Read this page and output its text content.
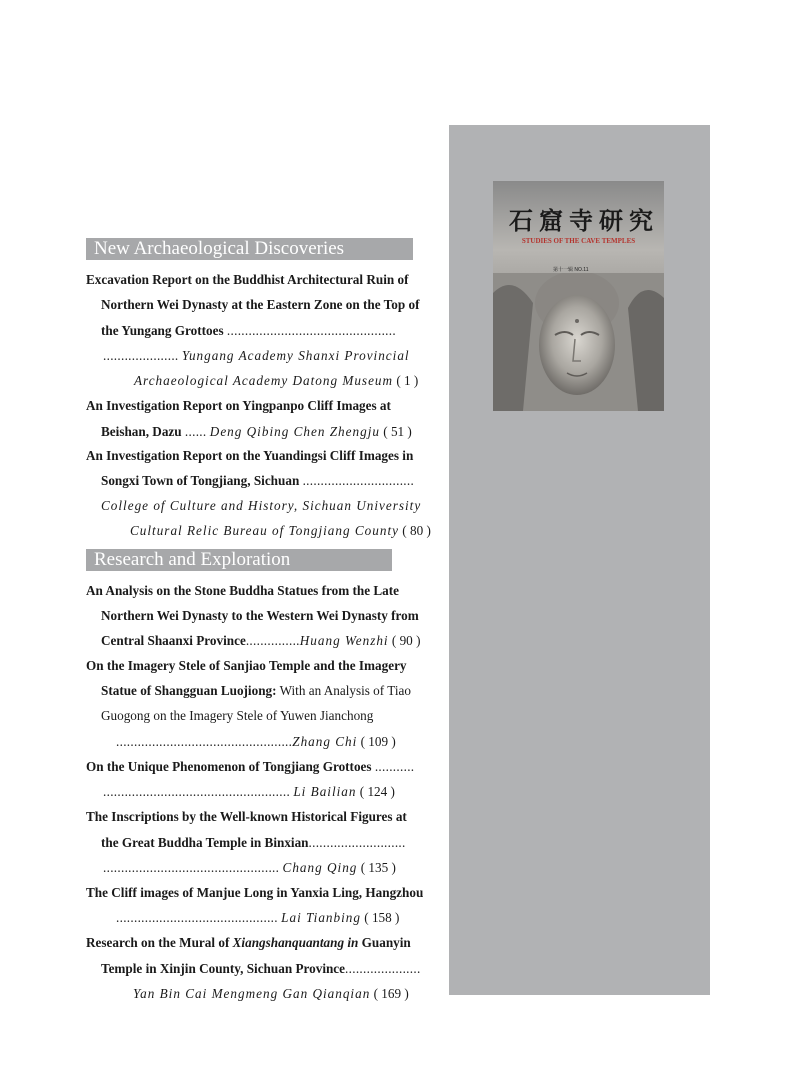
石窟寺研究
STUDIES OF THE CAVE TEMPLES
第十一辑 NO.11
New Archaeological Discoveries
Excavation Report on the Buddhist Architectural Ruin of
Northern Wei Dynasty at the Eastern Zone on the Top of
the Yungang Grottoes ...............................................
..................... Yungang Academy Shanxi Provincial
Archaeological Academy Datong Museum ( 1 )
An Investigation Report on Yingpanpo Cliff Images at
Beishan, Dazu ...... Deng Qibing Chen Zhengju ( 51 )
An Investigation Report on the Yuandingsi Cliff Images in
Songxi Town of Tongjiang, Sichuan ...............................
College of Culture and History, Sichuan University
Cultural Relic Bureau of Tongjiang County ( 80 )
Research and Exploration
An Analysis on the Stone Buddha Statues from the Late
Northern Wei Dynasty to the Western Wei Dynasty from
Central Shaanxi Province...............Huang Wenzhi ( 90 )
On the Imagery Stele of Sanjiao Temple and the Imagery
Statue of Shangguan Luojiong: With an Analysis of Tiao
Guogong on the Imagery Stele of Yuwen Jianchong
.................................................Zhang Chi ( 109 )
On the Unique Phenomenon of Tongjiang Grottoes ...........
.................................................... Li Bailian ( 124 )
The Inscriptions by the Well-known Historical Figures at
the Great Buddha Temple in Binxian...........................
................................................. Chang Qing ( 135 )
The Cliff images of Manjue Long in Yanxia Ling, Hangzhou
............................................. Lai Tianbing ( 158 )
Research on the Mural of Xiangshanquantang in Guanyin
Temple in Xinjin County, Sichuan Province.....................
Yan Bin Cai Mengmeng Gan Qianqian ( 169 )
